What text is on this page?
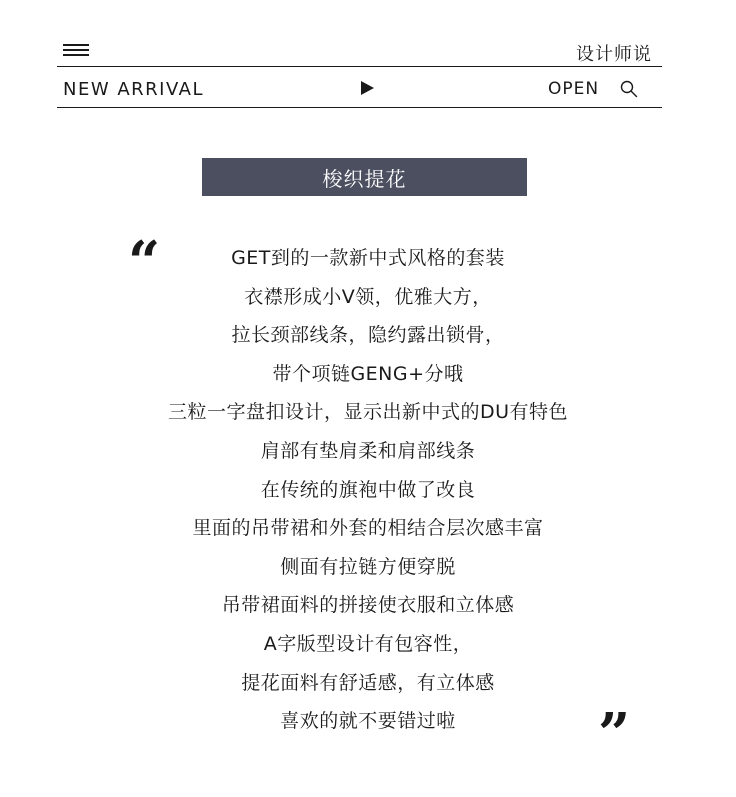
设计师说
NEW ARRIVAL	OPEN
梭织提花
“	GET到的一款新中式风格的套装
衣襟形成小V领，优雅大方，
拉长颈部线条，隐约露出锁骨，
带个项链GENG+分哦
三粒一字盘扣设计，显示出新中式的DU有特色
肩部有垫肩柔和肩部线条
在传统的旗袍中做了改良
里面的吊带裙和外套的相结合层次感丰富
侧面有拉链方便穿脱
吊带裙面料的拼接使衣服和立体感
A字版型设计有包容性，
提花面料有舒适感，有立体感
喜欢的就不要错过啦	”
